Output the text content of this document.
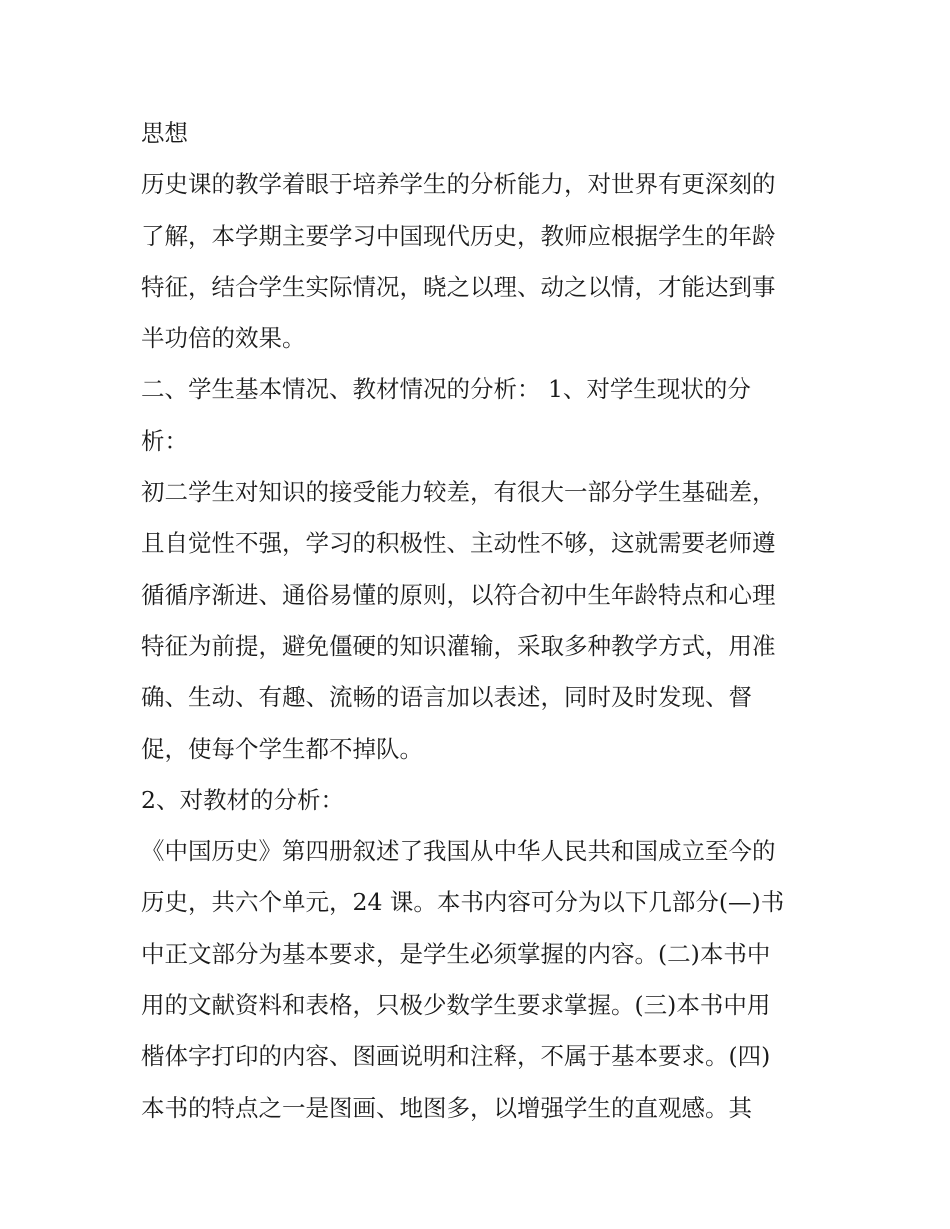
思想
历史课的教学着眼于培养学生的分析能力，对世界有更深刻的
了解，本学期主要学习中国现代历史，教师应根据学生的年龄
特征，结合学生实际情况，晓之以理、动之以情，才能达到事
半功倍的效果。
二、学生基本情况、教材情况的分析： 1、对学生现状的分
析：
初二学生对知识的接受能力较差，有很大一部分学生基础差，
且自觉性不强，学习的积极性、主动性不够，这就需要老师遵
循循序渐进、通俗易懂的原则，以符合初中生年龄特点和心理
特征为前提，避免僵硬的知识灌输，采取多种教学方式，用准
确、生动、有趣、流畅的语言加以表述，同时及时发现、督
促，使每个学生都不掉队。
2、对教材的分析：
《中国历史》第四册叙述了我国从中华人民共和国成立至今的
历史，共六个单元，24 课。本书内容可分为以下几部分(—)书
中正文部分为基本要求，是学生必须掌握的内容。(二)本书中
用的文献资料和表格，只极少数学生要求掌握。(三)本书中用
楷体字打印的内容、图画说明和注释，不属于基本要求。(四)
本书的特点之一是图画、地图多，以增强学生的直观感。其
